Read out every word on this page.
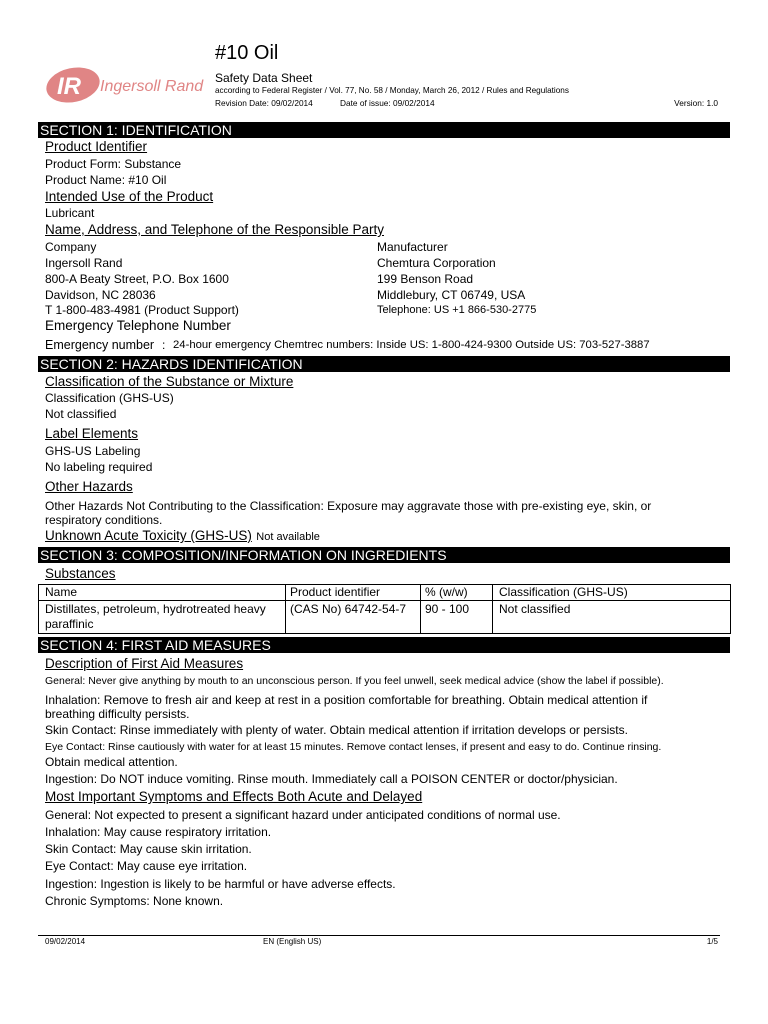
IR Ingersoll Rand
#10 Oil
Safety Data Sheet
according to Federal Register / Vol. 77, No. 58 / Monday, March 26, 2012 / Rules and Regulations
Revision Date: 09/02/2014	Date of issue: 09/02/2014	Version: 1.0
SECTION 1: IDENTIFICATION
Product Identifier
Product Form: Substance
Product Name: #10 Oil
Intended Use of the Product
Lubricant
Name, Address, and Telephone of the Responsible Party
Company
Ingersoll Rand
800-A Beaty Street, P.O. Box 1600
Davidson, NC 28036
T 1-800-483-4981 (Product Support)
Manufacturer
Chemtura Corporation
199 Benson Road
Middlebury, CT 06749, USA
Telephone: US +1 866-530-2775
Emergency Telephone Number
Emergency number : 24-hour emergency Chemtrec numbers: Inside US: 1-800-424-9300 Outside US: 703-527-3887
SECTION 2: HAZARDS IDENTIFICATION
Classification of the Substance or Mixture
Classification (GHS-US)
Not classified
Label Elements
GHS-US Labeling
No labeling required
Other Hazards
Other Hazards Not Contributing to the Classification: Exposure may aggravate those with pre-existing eye, skin, or
respiratory conditions.
Unknown Acute Toxicity (GHS-US) Not available
SECTION 3: COMPOSITION/INFORMATION ON INGREDIENTS
Substances
Name	Product identifier	% (w/w)	Classification (GHS-US)
Distillates, petroleum, hydrotreated heavy paraffinic	(CAS No) 64742-54-7	90 - 100	Not classified
SECTION 4: FIRST AID MEASURES
Description of First Aid Measures
General: Never give anything by mouth to an unconscious person. If you feel unwell, seek medical advice (show the label if possible).
Inhalation: Remove to fresh air and keep at rest in a position comfortable for breathing. Obtain medical attention if
breathing difficulty persists.
Skin Contact: Rinse immediately with plenty of water. Obtain medical attention if irritation develops or persists.
Eye Contact: Rinse cautiously with water for at least 15 minutes. Remove contact lenses, if present and easy to do. Continue rinsing.
Obtain medical attention.
Ingestion: Do NOT induce vomiting. Rinse mouth. Immediately call a POISON CENTER or doctor/physician.
Most Important Symptoms and Effects Both Acute and Delayed
General: Not expected to present a significant hazard under anticipated conditions of normal use.
Inhalation: May cause respiratory irritation.
Skin Contact: May cause skin irritation.
Eye Contact: May cause eye irritation.
Ingestion: Ingestion is likely to be harmful or have adverse effects.
Chronic Symptoms: None known.
09/02/2014	EN (English US)	1/5
